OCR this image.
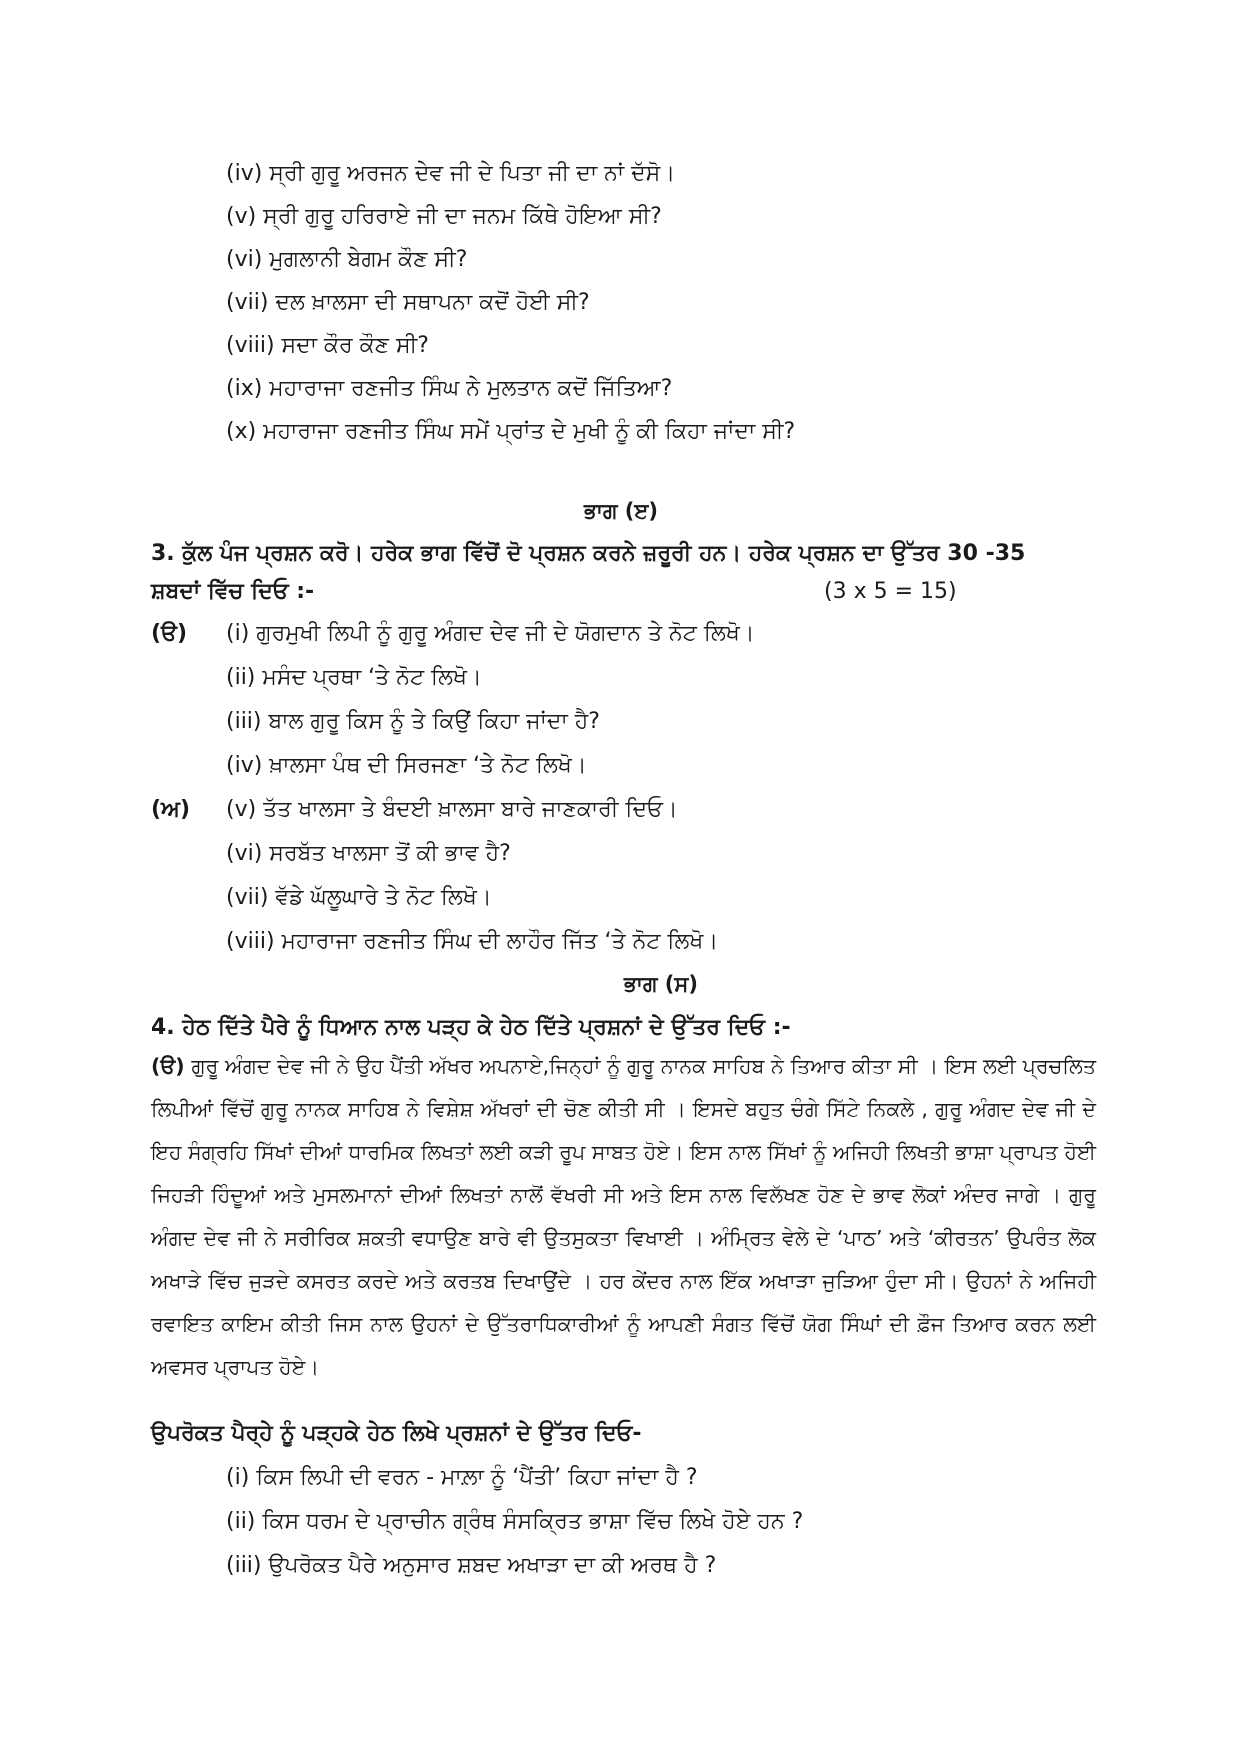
(iv) ਸ੍ਰੀ ਗੁਰੂ ਅਰਜਨ ਦੇਵ ਜੀ ਦੇ ਪਿਤਾ ਜੀ ਦਾ ਨਾਂ ਦੱਸੋ।
(v) ਸ੍ਰੀ ਗੁਰੂ ਹਰਿਰਾਏ ਜੀ ਦਾ ਜਨਮ ਕਿੱਥੇ ਹੋਇਆ ਸੀ?
(vi) ਮੁਗਲਾਨੀ ਬੇਗਮ ਕੌਣ ਸੀ?
(vii) ਦਲ ਖ਼ਾਲਸਾ ਦੀ ਸਥਾਪਨਾ ਕਦੋਂ ਹੋਈ ਸੀ?
(viii) ਸਦਾ ਕੌਰ ਕੌਣ ਸੀ?
(ix) ਮਹਾਰਾਜਾ ਰਣਜੀਤ ਸਿੰਘ ਨੇ ਮੁਲਤਾਨ ਕਦੋਂ ਜਿੱਤਿਆ?
(x) ਮਹਾਰਾਜਾ ਰਣਜੀਤ ਸਿੰਘ ਸਮੇਂ ਪ੍ਰਾਂਤ ਦੇ ਮੁਖੀ ਨੂੰ ਕੀ ਕਿਹਾ ਜਾਂਦਾ ਸੀ?
ਭਾਗ (ੲ)
3. ਕੁੱਲ ਪੰਜ ਪ੍ਰਸ਼ਨ ਕਰੋ। ਹਰੇਕ ਭਾਗ ਵਿੱਚੋਂ ਦੋ ਪ੍ਰਸ਼ਨ ਕਰਨੇ ਜ਼ਰੂਰੀ ਹਨ। ਹਰੇਕ ਪ੍ਰਸ਼ਨ ਦਾ ਉੱਤਰ 30 -35
ਸ਼ਬਦਾਂ ਵਿੱਚ ਦਿਓ :-	(3 x 5 = 15)
(ੳ) (i) ਗੁਰਮੁਖੀ ਲਿਪੀ ਨੂੰ ਗੁਰੂ ਅੰਗਦ ਦੇਵ ਜੀ ਦੇ ਯੋਗਦਾਨ ਤੇ ਨੋਟ ਲਿਖੋ।
(ii) ਮਸੰਦ ਪ੍ਰਥਾ ‘ਤੇ ਨੋਟ ਲਿਖੋ।
(iii) ਬਾਲ ਗੁਰੂ ਕਿਸ ਨੂੰ ਤੇ ਕਿਉਂ ਕਿਹਾ ਜਾਂਦਾ ਹੈ?
(iv) ਖ਼ਾਲਸਾ ਪੰਥ ਦੀ ਸਿਰਜਣਾ ‘ਤੇ ਨੋਟ ਲਿਖੋ।
(ਅ) (v) ਤੱਤ ਖਾਲਸਾ ਤੇ ਬੰਦਈ ਖ਼ਾਲਸਾ ਬਾਰੇ ਜਾਣਕਾਰੀ ਦਿਓ।
(vi) ਸਰਬੱਤ ਖਾਲਸਾ ਤੋਂ ਕੀ ਭਾਵ ਹੈ?
(vii) ਵੱਡੇ ਘੱਲੂਘਾਰੇ ਤੇ ਨੋਟ ਲਿਖੋ।
(viii) ਮਹਾਰਾਜਾ ਰਣਜੀਤ ਸਿੰਘ ਦੀ ਲਾਹੌਰ ਜਿੱਤ ‘ਤੇ ਨੋਟ ਲਿਖੋ।
ਭਾਗ (ਸ)
4. ਹੇਠ ਦਿੱਤੇ ਪੈਰੇ ਨੂੰ ਧਿਆਨ ਨਾਲ ਪੜ੍ਹ ਕੇ ਹੇਠ ਦਿੱਤੇ ਪ੍ਰਸ਼ਨਾਂ ਦੇ ਉੱਤਰ ਦਿਓ :-
(ੳ) ਗੁਰੂ ਅੰਗਦ ਦੇਵ ਜੀ ਨੇ ਉਹ ਪੈਂਤੀ ਅੱਖਰ ਅਪਨਾਏ,ਜਿਨ੍ਹਾਂ ਨੂੰ ਗੁਰੂ ਨਾਨਕ ਸਾਹਿਬ ਨੇ ਤਿਆਰ ਕੀਤਾ ਸੀ । ਇਸ ਲਈ ਪ੍ਰਚਲਿਤ ਲਿਪੀਆਂ ਵਿੱਚੋਂ ਗੁਰੂ ਨਾਨਕ ਸਾਹਿਬ ਨੇ ਵਿਸ਼ੇਸ਼ ਅੱਖਰਾਂ ਦੀ ਚੋਣ ਕੀਤੀ ਸੀ । ਇਸਦੇ ਬਹੁਤ ਚੰਗੇ ਸਿੱਟੇ ਨਿਕਲੇ , ਗੁਰੂ ਅੰਗਦ ਦੇਵ ਜੀ ਦੇ ਇਹ ਸੰਗ੍ਰਹਿ ਸਿੱਖਾਂ ਦੀਆਂ ਧਾਰਮਿਕ ਲਿਖਤਾਂ ਲਈ ਕੜੀ ਰੂਪ ਸਾਬਤ ਹੋਏ। ਇਸ ਨਾਲ ਸਿੱਖਾਂ ਨੂੰ ਅਜਿਹੀ ਲਿਖਤੀ ਭਾਸ਼ਾ ਪ੍ਰਾਪਤ ਹੋਈ ਜਿਹੜੀ ਹਿੰਦੂਆਂ ਅਤੇ ਮੁਸਲਮਾਨਾਂ ਦੀਆਂ ਲਿਖਤਾਂ ਨਾਲੋਂ ਵੱਖਰੀ ਸੀ ਅਤੇ ਇਸ ਨਾਲ ਵਿਲੱਖਣ ਹੋਣ ਦੇ ਭਾਵ ਲੋਕਾਂ ਅੰਦਰ ਜਾਗੇ । ਗੁਰੂ ਅੰਗਦ ਦੇਵ ਜੀ ਨੇ ਸਰੀਰਿਕ ਸ਼ਕਤੀ ਵਧਾਉਣ ਬਾਰੇ ਵੀ ਉਤਸੁਕਤਾ ਵਿਖਾਈ । ਅੰਮ੍ਰਿਤ ਵੇਲੇ ਦੇ ‘ਪਾਠ’ ਅਤੇ ‘ਕੀਰਤਨ’ ਉਪਰੰਤ ਲੋਕ ਅਖਾੜੇ ਵਿੱਚ ਜੁੜਦੇ ਕਸਰਤ ਕਰਦੇ ਅਤੇ ਕਰਤਬ ਦਿਖਾਉਂਦੇ । ਹਰ ਕੇਂਦਰ ਨਾਲ ਇੱਕ ਅਖਾੜਾ ਜੁੜਿਆ ਹੁੰਦਾ ਸੀ। ਉਹਨਾਂ ਨੇ ਅਜਿਹੀ ਰਵਾਇਤ ਕਾਇਮ ਕੀਤੀ ਜਿਸ ਨਾਲ ਉਹਨਾਂ ਦੇ ਉੱਤਰਾਧਿਕਾਰੀਆਂ ਨੂੰ ਆਪਣੀ ਸੰਗਤ ਵਿੱਚੋਂ ਯੋਗ ਸਿੰਘਾਂ ਦੀ ਫ਼ੌਜ ਤਿਆਰ ਕਰਨ ਲਈ ਅਵਸਰ ਪ੍ਰਾਪਤ ਹੋਏ।
ਉਪਰੋਕਤ ਪੈਰ੍ਹੇ ਨੂੰ ਪੜ੍ਹਕੇ ਹੇਠ ਲਿਖੇ ਪ੍ਰਸ਼ਨਾਂ ਦੇ ਉੱਤਰ ਦਿਓ-
(i) ਕਿਸ ਲਿਪੀ ਦੀ ਵਰਨ - ਮਾਲ਼ਾ ਨੂੰ ‘ਪੈਂਤੀ’ ਕਿਹਾ ਜਾਂਦਾ ਹੈ ?
(ii) ਕਿਸ ਧਰਮ ਦੇ ਪ੍ਰਾਚੀਨ ਗ੍ਰੰਥ ਸੰਸਕ੍ਰਿਤ ਭਾਸ਼ਾ ਵਿੱਚ ਲਿਖੇ ਹੋਏ ਹਨ ?
(iii) ਉਪਰੋਕਤ ਪੈਰੇ ਅਨੁਸਾਰ ਸ਼ਬਦ ਅਖਾੜਾ ਦਾ ਕੀ ਅਰਥ ਹੈ ?
